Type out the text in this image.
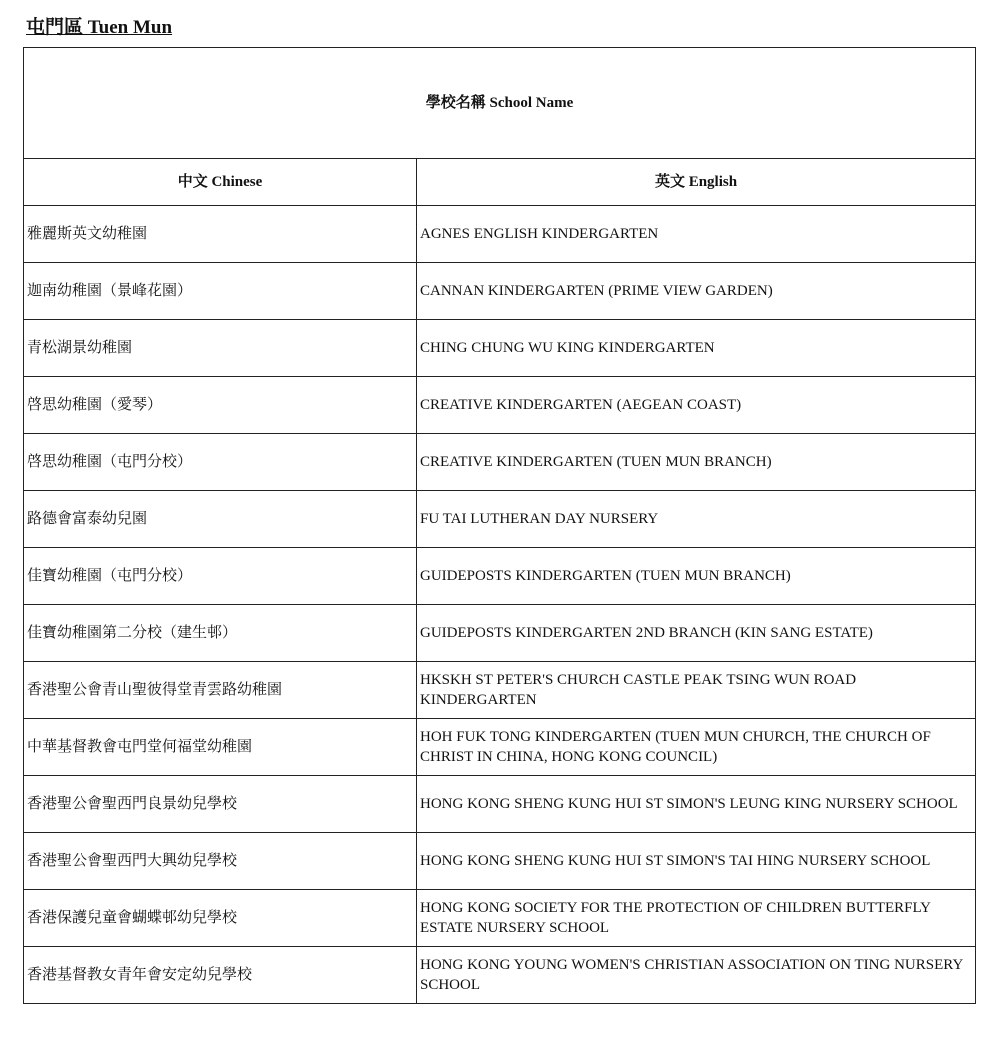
屯門區 Tuen Mun
學校名稱 School Name	
中文 Chinese	英文 English
雅麗斯英文幼稚園	AGNES ENGLISH KINDERGARTEN
迦南幼稚園（景峰花園）	CANNAN KINDERGARTEN (PRIME VIEW GARDEN)
青松湖景幼稚園	CHING CHUNG WU KING KINDERGARTEN
啓思幼稚園（愛琴）	CREATIVE KINDERGARTEN (AEGEAN COAST)
啓思幼稚園（屯門分校）	CREATIVE KINDERGARTEN (TUEN MUN BRANCH)
路德會富泰幼兒園	FU TAI LUTHERAN DAY NURSERY
佳寶幼稚園（屯門分校）	GUIDEPOSTS KINDERGARTEN (TUEN MUN BRANCH)
佳寶幼稚園第二分校（建生邨）	GUIDEPOSTS KINDERGARTEN 2ND BRANCH (KIN SANG ESTATE)
香港聖公會青山聖彼得堂青雲路幼稚園	HKSKH ST PETER'S CHURCH CASTLE PEAK TSING WUN ROAD KINDERGARTEN
中華基督教會屯門堂何福堂幼稚園	HOH FUK TONG KINDERGARTEN (TUEN MUN CHURCH, THE CHURCH OF CHRIST IN CHINA, HONG KONG COUNCIL)
香港聖公會聖西門良景幼兒學校	HONG KONG SHENG KUNG HUI ST SIMON'S LEUNG KING NURSERY SCHOOL
香港聖公會聖西門大興幼兒學校	HONG KONG SHENG KUNG HUI ST SIMON'S TAI HING NURSERY SCHOOL
香港保護兒童會蝴蝶邨幼兒學校	HONG KONG SOCIETY FOR THE PROTECTION OF CHILDREN BUTTERFLY ESTATE NURSERY SCHOOL
香港基督教女青年會安定幼兒學校	HONG KONG YOUNG WOMEN'S CHRISTIAN ASSOCIATION ON TING NURSERY SCHOOL
